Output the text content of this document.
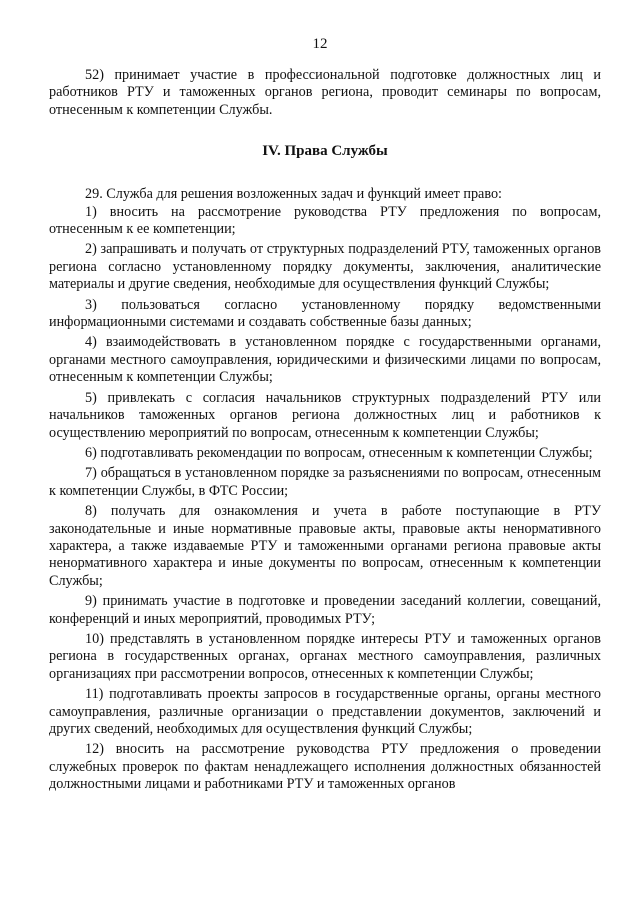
12

52) принимает участие в профессиональной подготовке должностных лиц и работников РТУ и таможенных органов региона, проводит семинары по вопросам, отнесенным к компетенции Службы.

IV. Права Службы

29. Служба для решения возложенных задач и функций имеет право:

1) вносить на рассмотрение руководства РТУ предложения по вопросам, отнесенным к ее компетенции;

2) запрашивать и получать от структурных подразделений РТУ, таможенных органов региона согласно установленному порядку документы, заключения, аналитические материалы и другие сведения, необходимые для осуществления функций Службы;

3) пользоваться согласно установленному порядку ведомственными информационными системами и создавать собственные базы данных;

4) взаимодействовать в установленном порядке с государственными органами, органами местного самоуправления, юридическими и физическими лицами по вопросам, отнесенным к компетенции Службы;

5) привлекать с согласия начальников структурных подразделений РТУ или начальников таможенных органов региона должностных лиц и работников к осуществлению мероприятий по вопросам, отнесенным к компетенции Службы;

6) подготавливать рекомендации по вопросам, отнесенным к компетенции Службы;

7) обращаться в установленном порядке за разъяснениями по вопросам, отнесенным к компетенции Службы, в ФТС России;

8) получать для ознакомления и учета в работе поступающие в РТУ законодательные и иные нормативные правовые акты, правовые акты ненормативного характера, а также издаваемые РТУ и таможенными органами региона правовые акты ненормативного характера и иные документы по вопросам, отнесенным к компетенции Службы;

9) принимать участие в подготовке и проведении заседаний коллегии, совещаний, конференций и иных мероприятий, проводимых РТУ;

10) представлять в установленном порядке интересы РТУ и таможенных органов региона в государственных органах, органах местного самоуправления, различных организациях при рассмотрении вопросов, отнесенных к компетенции Службы;

11) подготавливать проекты запросов в государственные органы, органы местного самоуправления, различные организации о представлении документов, заключений и других сведений, необходимых для осуществления функций Службы;

12) вносить на рассмотрение руководства РТУ предложения о проведении служебных проверок по фактам ненадлежащего исполнения должностных обязанностей должностными лицами и работниками РТУ и таможенных органов
